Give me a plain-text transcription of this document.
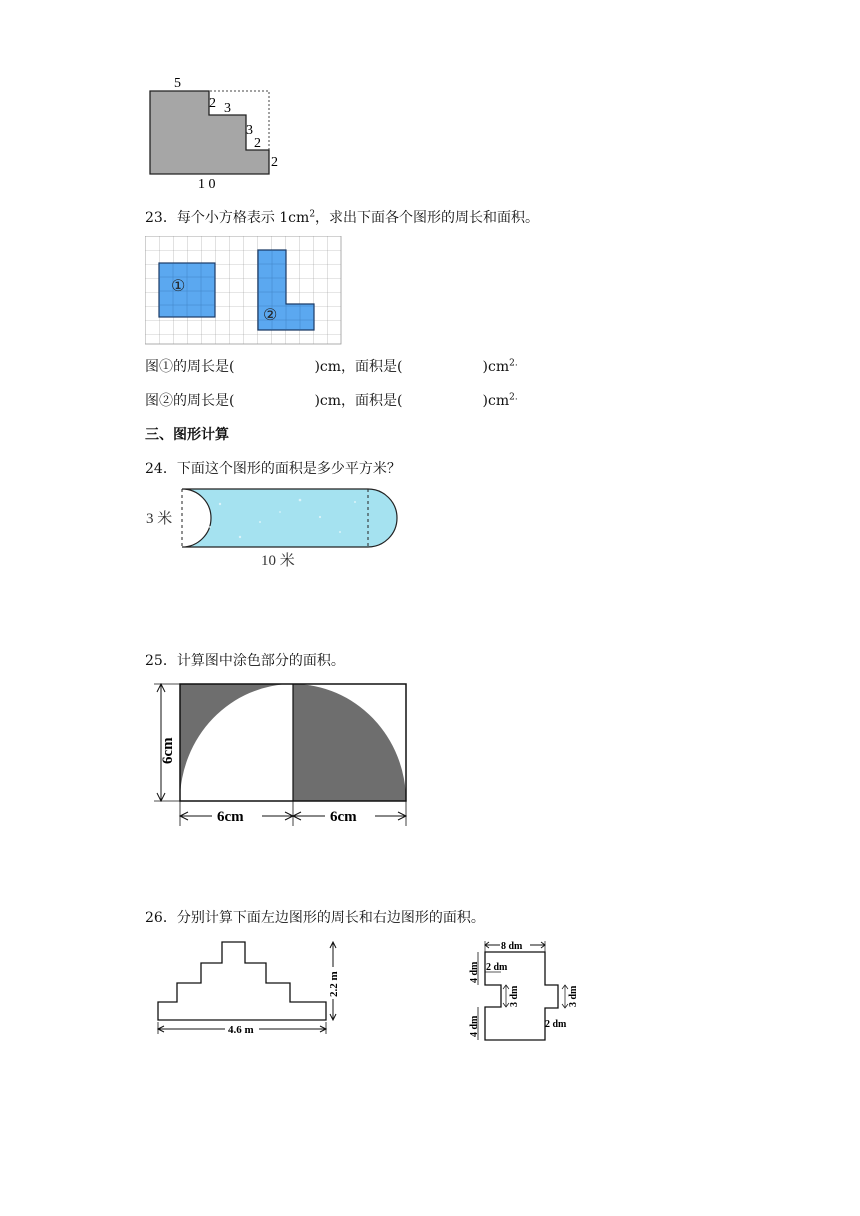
5
2 3
3
2
2
1 0
23．每个小方格表示 $1cm^2$，求出下面各个图形的周长和面积。
①
②
图①的周长是(	)cm，面积是(	)$cm^{2.}$
图②的周长是(	)cm，面积是(	)$cm^{2.}$
三、图形计算
24．下面这个图形的面积是多少平方米？
3 米
10 米
25．计算图中涂色部分的面积。
6cm
6cm	6cm
26．分别计算下面左边图形的周长和右边图形的面积。
2.2 m
4.6 m
8 dm
4 dm 2 dm
3 dm	3 dm
2 dm
4 dm
